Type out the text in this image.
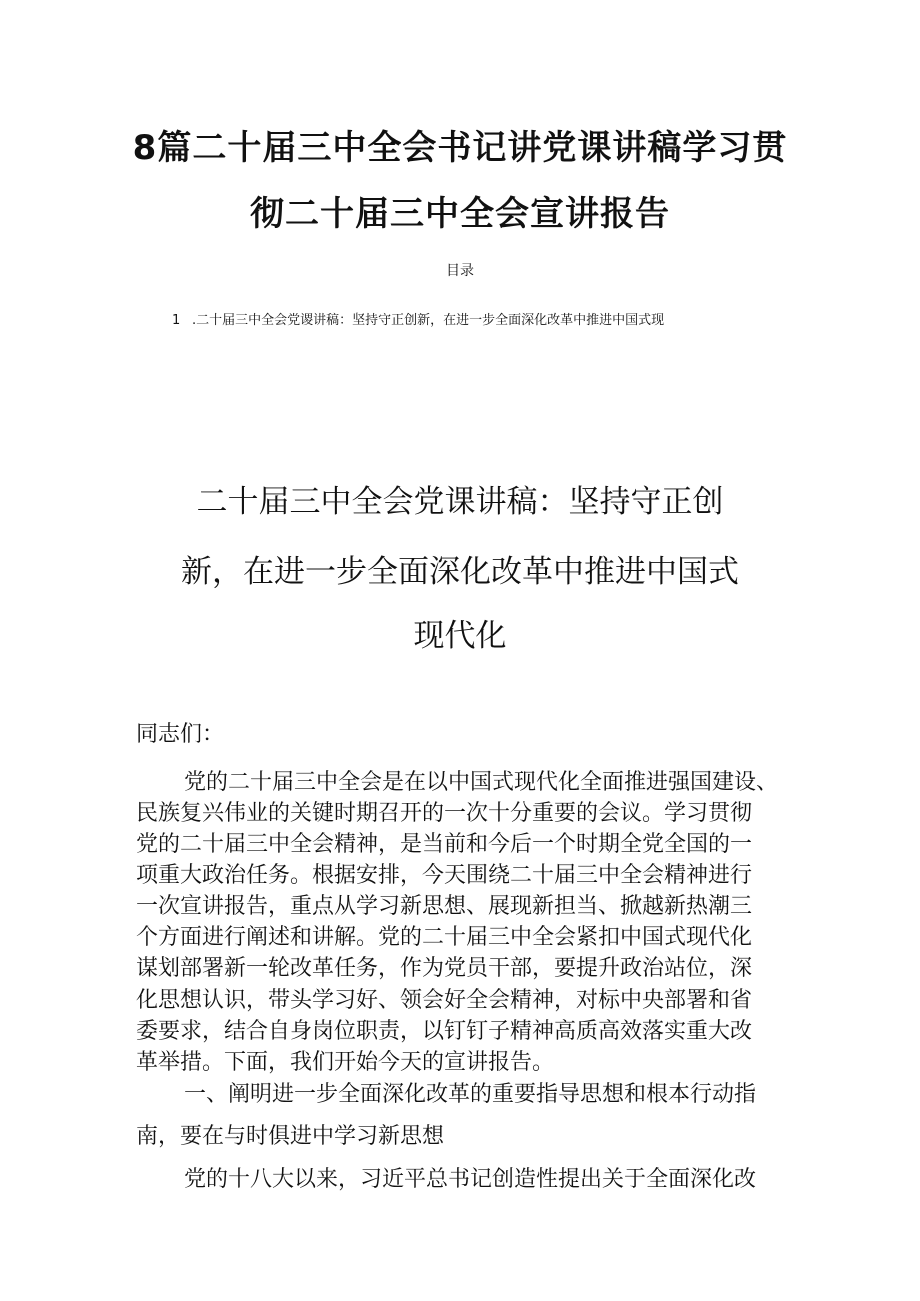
8篇二十届三中全会书记讲党课讲稿学习贯
彻二十届三中全会宣讲报告
目录
1 .二十届三中全会党谡讲稿：坚持守正创新，在进一步全面深化改革中推进中国式现
二十届三中全会党课讲稿：坚持守正创
新，在进一步全面深化改革中推进中国式
现代化
同志们：
党的二十届三中全会是在以中国式现代化全面推进强国建设、
民族复兴伟业的关键时期召开的一次十分重要的会议。学习贯彻
党的二十届三中全会精神，是当前和今后一个时期全党全国的一
项重大政治任务。根据安排，今天围绕二十届三中全会精神进行
一次宣讲报告，重点从学习新思想、展现新担当、掀越新热潮三
个方面进行阐述和讲解。党的二十届三中全会紧扣中国式现代化
谋划部署新一轮改革任务，作为党员干部，要提升政治站位，深
化思想认识，带头学习好、领会好全会精神，对标中央部署和省
委要求，结合自身岗位职责，以钉钉子精神高质高效落实重大改
革举措。下面，我们开始今天的宣讲报告。
一、阐明进一步全面深化改革的重要指导思想和根本行动指
南，要在与时俱进中学习新思想
党的十八大以来，习近平总书记创造性提出关于全面深化改
